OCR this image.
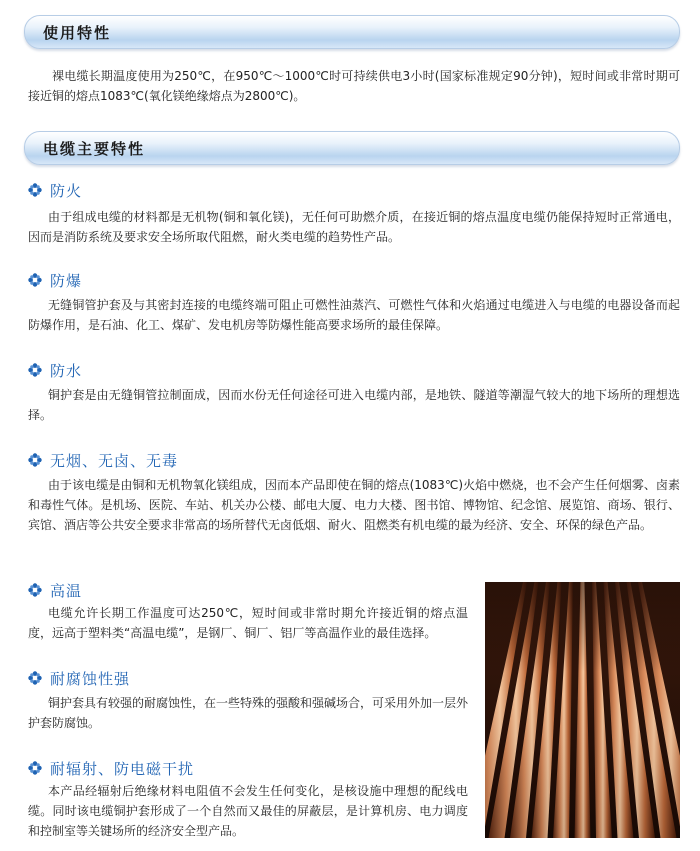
使用特性

裸电缆长期温度使用为250℃，在950℃～1000℃时可持续供电3小时(国家标准规定90分钟)，短时间或非常时期可接近铜的熔点1083℃(氧化镁绝缘熔点为2800℃)。

电缆主要特性
防火

由于组成电缆的材料都是无机物(铜和氧化镁)，无任何可助燃介质，在接近铜的熔点温度电缆仍能保持短时正常通电，因而是消防系统及要求安全场所取代阻燃，耐火类电缆的趋势性产品。

防爆

无缝铜管护套及与其密封连接的电缆终端可阻止可燃性油蒸汽、可燃性气体和火焰通过电缆进入与电缆的电器设备而起防爆作用，是石油、化工、煤矿、发电机房等防爆性能高要求场所的最佳保障。

防水

铜护套是由无缝铜管拉制面成，因而水份无任何途径可进入电缆内部，是地铁、隧道等潮湿气较大的地下场所的理想选择。

无烟、无卤、无毒

由于该电缆是由铜和无机物氧化镁组成，因而本产品即使在铜的熔点(1083℃)火焰中燃烧，也不会产生任何烟雾、卤素和毒性气体。是机场、医院、车站、机关办公楼、邮电大厦、电力大楼、图书馆、博物馆、纪念馆、展览馆、商场、银行、宾馆、酒店等公共安全要求非常高的场所替代无卤低烟、耐火、阻燃类有机电缆的最为经济、安全、环保的绿色产品。

高温

电缆允许长期工作温度可达250℃，短时间或非常时期允许接近铜的熔点温度，远高于塑料类“高温电缆”，是钢厂、铜厂、铝厂等高温作业的最佳选择。

耐腐蚀性强

铜护套具有较强的耐腐蚀性，在一些特殊的强酸和强碱场合，可采用外加一层外护套防腐蚀。

耐辐射、防电磁干扰

本产品经辐射后绝缘材料电阻值不会发生任何变化，是核设施中理想的配线电缆。同时该电缆铜护套形成了一个自然而又最佳的屏蔽层，是计算机房、电力调度和控制室等关键场所的经济安全型产品。
